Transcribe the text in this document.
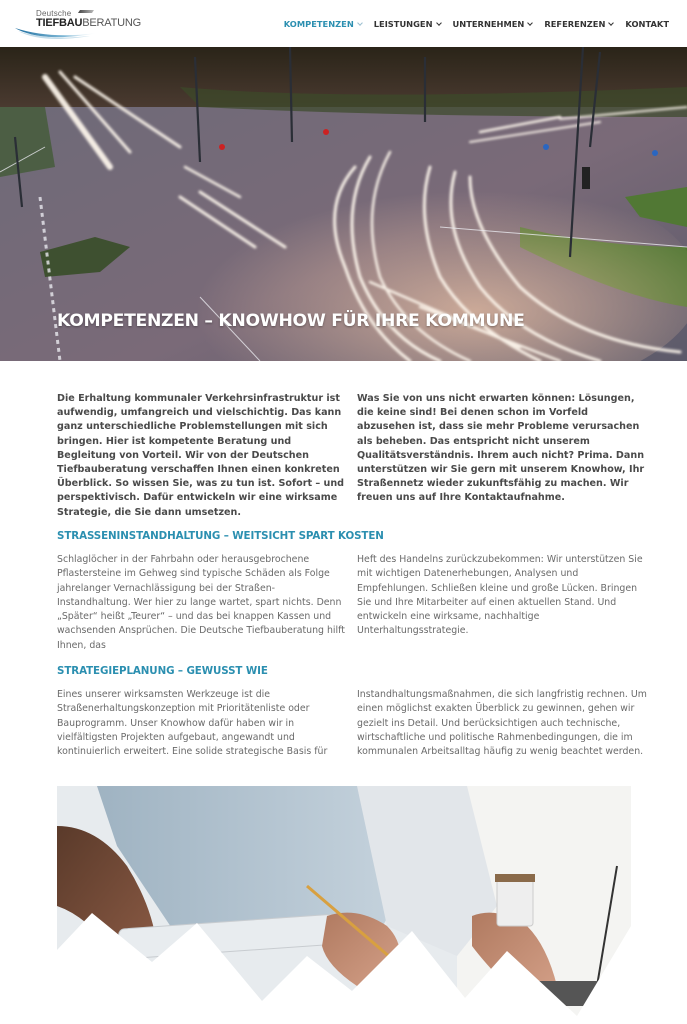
Deutsche
TIEFBAUBERATUNG	KOMPETENZEN LEISTUNGEN UNTERNEHMEN REFERENZEN KONTAKT
KOMPETENZEN – KNOWHOW FÜR IHRE KOMMUNE
Die Erhaltung kommunaler Verkehrsinfrastruktur ist aufwendig, umfangreich und vielschichtig. Das kann ganz unterschiedliche Problemstellungen mit sich bringen. Hier ist kompetente Beratung und Begleitung von Vorteil. Wir von der Deutschen Tiefbauberatung verschaffen Ihnen einen konkreten Überblick. So wissen Sie, was zu tun ist. Sofort – und perspektivisch. Dafür entwickeln wir eine wirksame Strategie, die Sie dann umsetzen.
Was Sie von uns nicht erwarten können: Lösungen, die keine sind! Bei denen schon im Vorfeld abzusehen ist, dass sie mehr Probleme verursachen als beheben. Das entspricht nicht unserem Qualitätsverständnis. Ihrem auch nicht? Prima. Dann unterstützen wir Sie gern mit unserem Knowhow, Ihr Straßennetz wieder zukunftsfähig zu machen. Wir freuen uns auf Ihre Kontaktaufnahme.
STRASSENINSTANDHALTUNG – WEITSICHT SPART KOSTEN
Schlaglöcher in der Fahrbahn oder herausgebrochene Pflastersteine im Gehweg sind typische Schäden als Folge jahrelanger Vernachlässigung bei der Straßen-Instandhaltung. Wer hier zu lange wartet, spart nichts. Denn „Später“ heißt „Teurer“ – und das bei knappen Kassen und wachsenden Ansprüchen. Die Deutsche Tiefbauberatung hilft Ihnen, das
Heft des Handelns zurückzubekommen: Wir unterstützen Sie mit wichtigen Datenerhebungen, Analysen und Empfehlungen. Schließen kleine und große Lücken. Bringen Sie und Ihre Mitarbeiter auf einen aktuellen Stand. Und entwickeln eine wirksame, nachhaltige Unterhaltungsstrategie.
STRATEGIEPLANUNG – GEWUSST WIE
Eines unserer wirksamsten Werkzeuge ist die Straßenerhaltungskonzeption mit Prioritätenliste oder Bauprogramm. Unser Knowhow dafür haben wir in vielfältigsten Projekten aufgebaut, angewandt und kontinuierlich erweitert. Eine solide strategische Basis für
Instandhaltungsmaßnahmen, die sich langfristig rechnen. Um einen möglichst exakten Überblick zu gewinnen, gehen wir gezielt ins Detail. Und berücksichtigen auch technische, wirtschaftliche und politische Rahmenbedingungen, die im kommunalen Arbeitsalltag häufig zu wenig beachtet werden.
